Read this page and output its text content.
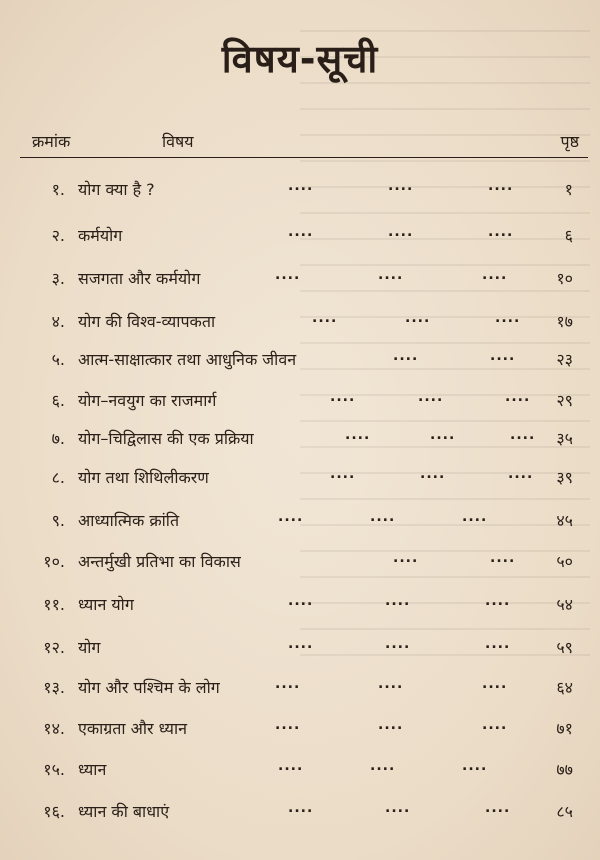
विषय-सूची
क्रमांक	विषय	पृष्ठ
१. योग क्या है ?	....	....	....	१
२. कर्मयोग	....	....	....	६
३. सजगता और कर्मयोग	....	....	....	१०
४. योग की विश्व-व्यापकता	....	....	.... १७
५. आत्म-साक्षात्कार तथा आधुनिक जीवन	....	....	२३
६. योग–नवयुग का राजमार्ग	....	....	.... २९
७. योग–चिद्विलास की एक प्रक्रिया	....	....	.... ३५
८. योग तथा शिथिलीकरण	....	....	.... ३९
९. आध्यात्मिक क्रांति	....	....	....	४५
१०. अन्तर्मुखी प्रतिभा का विकास	....	....	५०
११. ध्यान योग	....	....	....	५४
१२. योग	....	....	....	५९
१३. योग और पश्चिम के लोग	....	....	....	६४
१४. एकाग्रता और ध्यान	....	....	....	७१
१५. ध्यान	....	....	....	७७
१६. ध्यान की बाधाएं	....	....	....	८५
